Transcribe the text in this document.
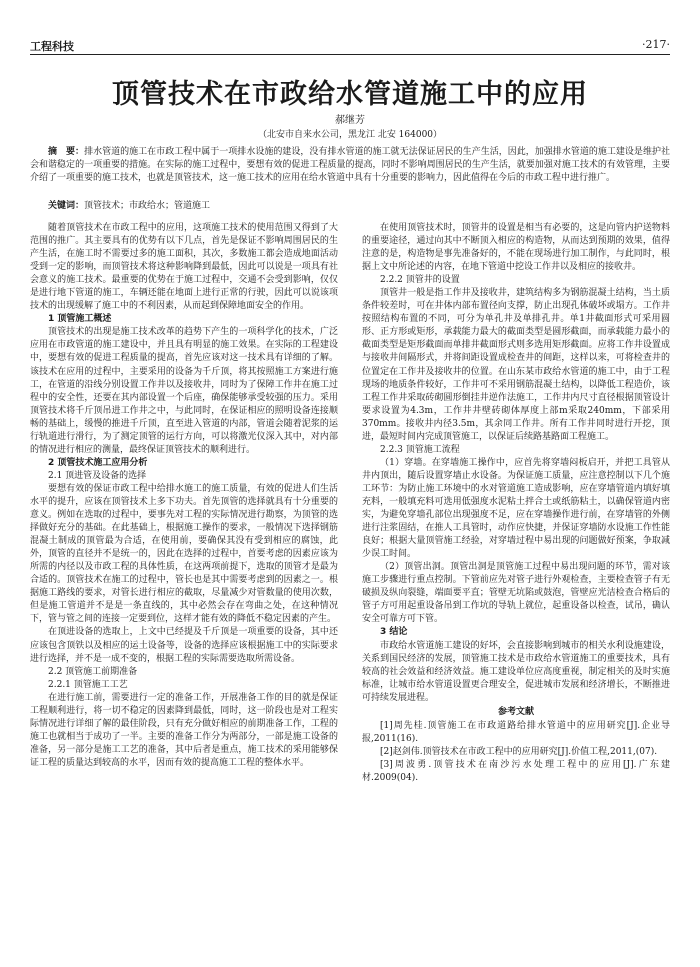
工程科技	·217·
顶管技术在市政给水管道施工中的应用
郝继芳
（北安市自来水公司，黑龙江 北安 164000）
摘　要：排水管道的施工在市政工程中属于一项排水设施的建设，没有排水管道的施工就无法保证居民的生产生活，因此，加强排水管道的施工建设是维护社会和谐稳定的一项重要的措施。在实际的施工过程中，要想有效的促进工程质量的提高，同时不影响周围居民的生产生活，就要加强对施工技术的有效管理，主要介绍了一项重要的施工技术，也就是顶管技术，这一施工技术的应用在给水管道中具有十分重要的影响力，因此值得在今后的市政工程中进行推广。
关键词：顶管技术；市政给水；管道施工

随着顶管技术在市政工程中的应用，这项施工技术的使用范围又得到了大范围的推广。其主要具有的优势有以下几点，首先是保证不影响周围居民的生产生活，在施工时不需要过多的施工面积，其次，多数施工都会造成地面活动受到一定的影响，而顶管技术将这种影响降到最低，因此可以说是一项具有社会意义的施工技术。最重要的优势在于施工过程中，交通不会受到影响，仅仅是进行地下管道的施工，车辆还能在地面上进行正常的行驶，因此可以说该项技术的出现缓解了施工中的不利因素，从而起到保障地面安全的作用。

1 顶管施工概述

顶管技术的出现是施工技术改革的趋势下产生的一项科学化的技术，广泛应用在市政管道的施工建设中，并且具有明显的施工效果。在实际的工程建设中，要想有效的促进工程质量的提高，首先应该对这一技术具有详细的了解。该技术在应用的过程中，主要采用的设备为千斤顶，将其按照施工方案进行施工，在管道的沿线分别设置工作井以及接收井，同时为了保障工作井在施工过程中的安全性，还要在其内部设置一个后座，确保能够承受较强的压力。采用顶管技术将千斤顶吊进工作井之中，与此同时，在保证相应的照明设备连接顺畅的基础上，缓慢的推进千斤顶，直至进入管道的内部，管道会随着泥浆的运行轨道进行滑行，为了测定顶管的运行方向，可以将激光仪深入其中，对内部的情况进行相应的测量，最终保证顶管技术的顺利进行。

2 顶管技术施工应用分析

2.1 顶进管及设备的选择

要想有效的保证市政工程中给排水施工的施工质量，有效的促进人们生活水平的提升，应该在顶管技术上多下功夫。首先顶管的选择就具有十分重要的意义。例如在选取的过程中，要事先对工程的实际情况进行勘察，为顶管的选择做好充分的基础。在此基础上，根据施工操作的要求，一般情况下选择钢筋混凝土制成的顶管最为合适，在使用前，要确保其没有受到相应的腐蚀，此外，顶管的直径并不是统一的，因此在选择的过程中，首要考虑的因素应该为所需的内径以及市政工程的具体性质，在这两项前提下，选取的顶管才是最为合适的。顶管技术在施工的过程中，管长也是其中需要考虑到的因素之一。根据施工路线的要求，对管长进行相应的截取，尽量减少对管数量的使用次数，但是施工管道并不是是一条直线的，其中必然会存在弯曲之处，在这种情况下，管与管之间的连接一定要到位，这样才能有效的降低不稳定因素的产生。

在顶进设备的选取上，上文中已经提及千斤顶是一项重要的设备，其中还应该包含顶铁以及相应的运土设备等，设备的选择应该根据施工中的实际要求进行选择，并不是一成不变的，根据工程的实际需要选取所需设备。

2.2 顶管施工前期准备

2.2.1 顶管施工工艺

在进行施工前，需要进行一定的准备工作，开展准备工作的目的就是保证工程顺利进行，将一切不稳定的因素降到最低，同时，这一阶段也是对工程实际情况进行详细了解的最佳阶段，只有充分做好相应的前期准备工作，工程的施工也就相当于成功了一半。主要的准备工作分为两部分，一部是施工设备的准备，另一部分是施工工艺的准备，其中后者是重点，施工技术的采用能够保证工程的质量达到较高的水平，因而有效的提高施工工程的整体水平。

在使用顶管技术时，顶管井的设置是相当有必要的，这是向管内护送物料的重要途径，通过向其中不断顶入相应的构造物，从而达到预期的效果，值得注意的是，构造物是事先准备好的，不能在现场进行加工制作，与此同时，根据上文中所论述的内容，在地下管道中挖设工作井以及相应的接收井。

2.2.2 顶管井的设置

顶管井一般是指工作井及接收井，建筑结构多为钢筋混凝土结构，当土质条件较差时，可在井体内部布置径向支撑，防止出现孔体破坏或塌方。工作井按照结构布置的不同，可分为单孔井及单排孔井。单1井截面形式可采用圆形、正方形或矩形，承载能力最大的截面类型是圆形截面，而承载能力最小的截面类型是矩形截面而单排井截面形式则多选用矩形截面。应将工作井设置成与接收井间隔形式，并将间距设置成检查井的间距，这样以来，可将检查井的位置定在工作井及接收井的位置。在山东某市政给水管道的施工中，由于工程现场的地质条件较好，工作井可不采用钢筋混凝土结构，以降低工程造价，该工程工作井采取砖砌圆形倒挂井逆作法施工，工作井内尺寸直径根据顶管设计要求设置为4.3m，工作井井壁砖砌体厚度上部m采取240mm，下部采用370mm。接收井内径3.5m，其余同工作井。所有工作井同时进行开挖，顶进，最短时间内完成顶管施工，以保证后续路基路面工程施工。

2.2.3 顶管施工流程

（1）穿墙。在穿墙施工操作中，应首先将穿墙闷板启开，并把工具管从井内顶出，随后设置穿墙止水设备。为保证施工质量，应注意控制以下几个施工环节：为防止施工环境中的水对管道施工造成影响，应在穿墙管道内填好填充料，一般填充料可选用低强度水泥粘土拌合土或纸筋粘土，以确保管道内密实，为避免穿墙孔部位出现强度不足，应在穿墙操作进行前，在穿墙管的外侧进行注浆固结，在推人工具管时，动作应快捷，并保证穿墙防水设施工作性能良好；根据大量顶管施工经验，对穿墙过程中易出现的问题做好预案，争取减少误工时间。

（2）顶管出洞。顶管出洞是顶管施工过程中易出现问题的环节，需对该施工步骤进行重点控制。下管前应先对管子进行外观检查，主要检查管子有无破损及纵向裂缝，端面要平直；管壁无坑陷或鼓泡，管壁应光洁检查合格后的管子方可用起重设备吊到工作坑的导轨上就位，起重设备以检查，试吊，确认安全可靠方可下管。

3 结论

市政给水管道施工建设的好坏，会直接影响到城市的相关水利设施建设，关系到国民经济的发展，顶管施工技术是市政给水管道施工的重要技术，具有较高的社会效益和经济效益。施工建设单位应高度重视，制定相关的及时实施标准，让城市给水管道设置更合理安全，促进城市发展和经济增长，不断推进可持续发展进程。

参考文献

[1]周先桂.顶管施工在市政道路给排水管道中的应用研究[J].企业导报,2011(16).

[2]赵剑伟.顶管技术在市政工程中的应用研究[J].价值工程,2011,(07).

[3]周波勇.顶管技术在南沙污水处理工程中的应用[J].广东建材.2009(04).
